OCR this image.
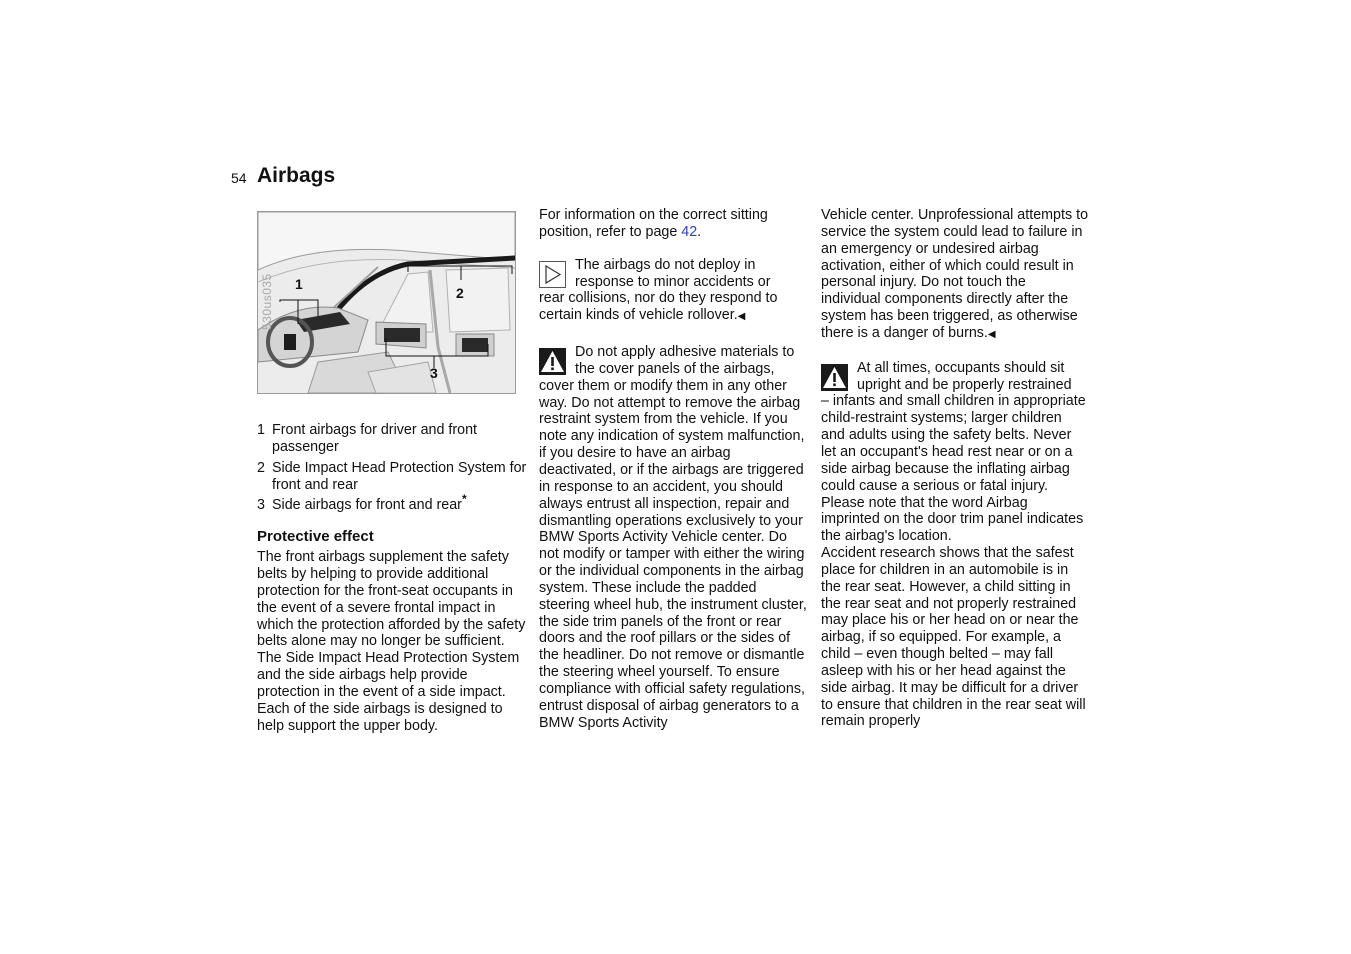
54 Airbags
1
2
3
530us035
1 Front airbags for driver and front passenger
2 Side Impact Head Protection System for front and rear
3 Side airbags for front and rear*
Protective effect

The front airbags supplement the safety belts by helping to provide additional protection for the front-seat occupants in the event of a severe frontal impact in which the protection afforded by the safety belts alone may no longer be sufficient. The Side Impact Head Protection System and the side airbags help provide protection in the event of a side impact. Each of the side airbags is designed to help support the upper body.

For information on the correct sitting position, refer to page 42.

The airbags do not deploy in response to minor accidents or

rear collisions, nor do they respond to certain kinds of vehicle rollover.◀

Do not apply adhesive materials to the cover panels of the airbags,

cover them or modify them in any other way. Do not attempt to remove the airbag restraint system from the vehicle. If you note any indication of system malfunction, if you desire to have an airbag deactivated, or if the airbags are triggered in response to an accident, you should always entrust all inspection, repair and dismantling operations exclusively to your BMW Sports Activity Vehicle center. Do not modify or tamper with either the wiring or the individual components in the airbag system. These include the padded steering wheel hub, the instrument cluster, the side trim panels of the front or rear doors and the roof pillars or the sides of the headliner. Do not remove or dismantle the steering wheel yourself. To ensure compliance with official safety regulations, entrust disposal of airbag generators to a BMW Sports Activity

Vehicle center. Unprofessional attempts to service the system could lead to failure in an emergency or undesired airbag activation, either of which could result in personal injury. Do not touch the individual components directly after the system has been triggered, as otherwise there is a danger of burns.◀

At all times, occupants should sit upright and be properly restrained

– infants and small children in appropriate child-restraint systems; larger children and adults using the safety belts. Never let an occupant's head rest near or on a side airbag because the inflating airbag could cause a serious or fatal injury. Please note that the word Airbag imprinted on the door trim panel indicates the airbag's location.

Accident research shows that the safest place for children in an automobile is in the rear seat. However, a child sitting in the rear seat and not properly restrained may place his or her head on or near the airbag, if so equipped. For example, a child – even though belted – may fall asleep with his or her head against the side airbag. It may be difficult for a driver to ensure that children in the rear seat will remain properly
